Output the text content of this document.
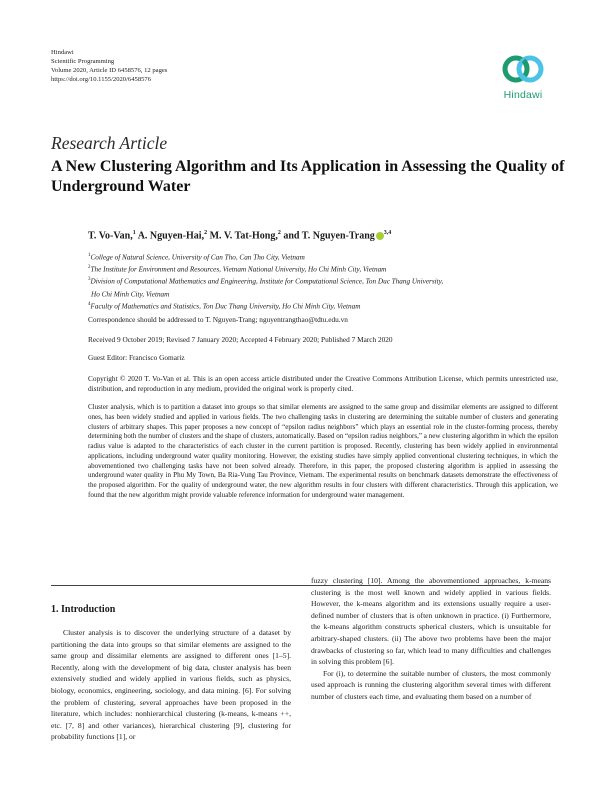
Hindawi
Scientific Programming
Volume 2020, Article ID 6458576, 12 pages
https://doi.org/10.1155/2020/6458576
Hindawi
Research Article
A New Clustering Algorithm and Its Application in Assessing the Quality of Underground Water
T. Vo-Van,$^1$ A. Nguyen-Hai,$^2$ M. V. Tat-Hong,$^2$ and T. Nguyen-Trang $^{3,4}$

$^1$College of Natural Science, University of Can Tho, Can Tho City, Vietnam

$^2$The Institute for Environment and Resources, Vietnam National University, Ho Chi Minh City, Vietnam

$^3$Division of Computational Mathematics and Engineering, Institute for Computational Science, Ton Duc Thang University,

Ho Chi Minh City, Vietnam

$^4$Faculty of Mathematics and Statistics, Ton Duc Thang University, Ho Chi Minh City, Vietnam

Correspondence should be addressed to T. Nguyen-Trang; nguyentrangthao@tdtu.edu.vn
Received 9 October 2019; Revised 7 January 2020; Accepted 4 February 2020; Published 7 March 2020
Guest Editor: Francisco Gomariz
Copyright © 2020 T. Vo-Van et al. This is an open access article distributed under the Creative Commons Attribution License, which permits unrestricted use, distribution, and reproduction in any medium, provided the original work is properly cited.
Cluster analysis, which is to partition a dataset into groups so that similar elements are assigned to the same group and dissimilar elements are assigned to different ones, has been widely studied and applied in various fields. The two challenging tasks in clustering are determining the suitable number of clusters and generating clusters of arbitrary shapes. This paper proposes a new concept of “epsilon radius neighbors” which plays an essential role in the cluster-forming process, thereby determining both the number of clusters and the shape of clusters, automatically. Based on “epsilon radius neighbors,” a new clustering algorithm in which the epsilon radius value is adapted to the characteristics of each cluster in the current partition is proposed. Recently, clustering has been widely applied in environmental applications, including underground water quality monitoring. However, the existing studies have simply applied conventional clustering techniques, in which the abovementioned two challenging tasks have not been solved already. Therefore, in this paper, the proposed clustering algorithm is applied in assessing the underground water quality in Phu My Town, Ba Ria-Vung Tau Province, Vietnam. The experimental results on benchmark datasets demonstrate the effectiveness of the proposed algorithm. For the quality of underground water, the new algorithm results in four clusters with different characteristics. Through this application, we found that the new algorithm might provide valuable reference information for underground water management.
1. Introduction

Cluster analysis is to discover the underlying structure of a dataset by partitioning the data into groups so that similar elements are assigned to the same group and dissimilar elements are assigned to different ones [1–5]. Recently, along with the development of big data, cluster analysis has been extensively studied and widely applied in various fields, such as physics, biology, economics, engineering, sociology, and data mining. [6]. For solving the problem of clustering, several approaches have been proposed in the literature, which includes: nonhierarchical clustering (k-means, k-means ++, etc. [7, 8] and other variances), hierarchical clustering [9], clustering for probability functions [1], or

fuzzy clustering [10]. Among the abovementioned approaches, k-means clustering is the most well known and widely applied in various fields. However, the k-means algorithm and its extensions usually require a user-defined number of clusters that is often unknown in practice. (i) Furthermore, the k-means algorithm constructs spherical clusters, which is unsuitable for arbitrary-shaped clusters. (ii) The above two problems have been the major drawbacks of clustering so far, which lead to many difficulties and challenges in solving this problem [6].

For (i), to determine the suitable number of clusters, the most commonly used approach is running the clustering algorithm several times with different number of clusters each time, and evaluating them based on a number of
